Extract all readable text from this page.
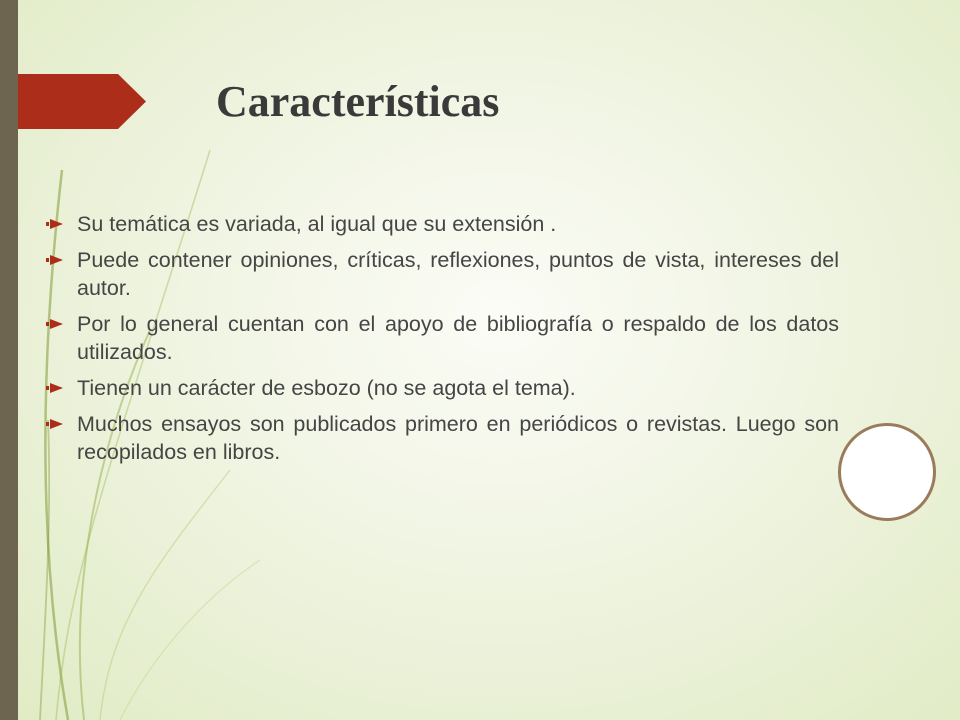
Características
Su temática es variada, al igual que su extensión .
Puede contener opiniones, críticas, reflexiones, puntos de vista, intereses del autor.
Por lo general cuentan con el apoyo de bibliografía o respaldo de los datos utilizados.
Tienen un carácter de esbozo (no se agota el tema).
Muchos ensayos son publicados primero en periódicos o revistas. Luego son recopilados en libros.
